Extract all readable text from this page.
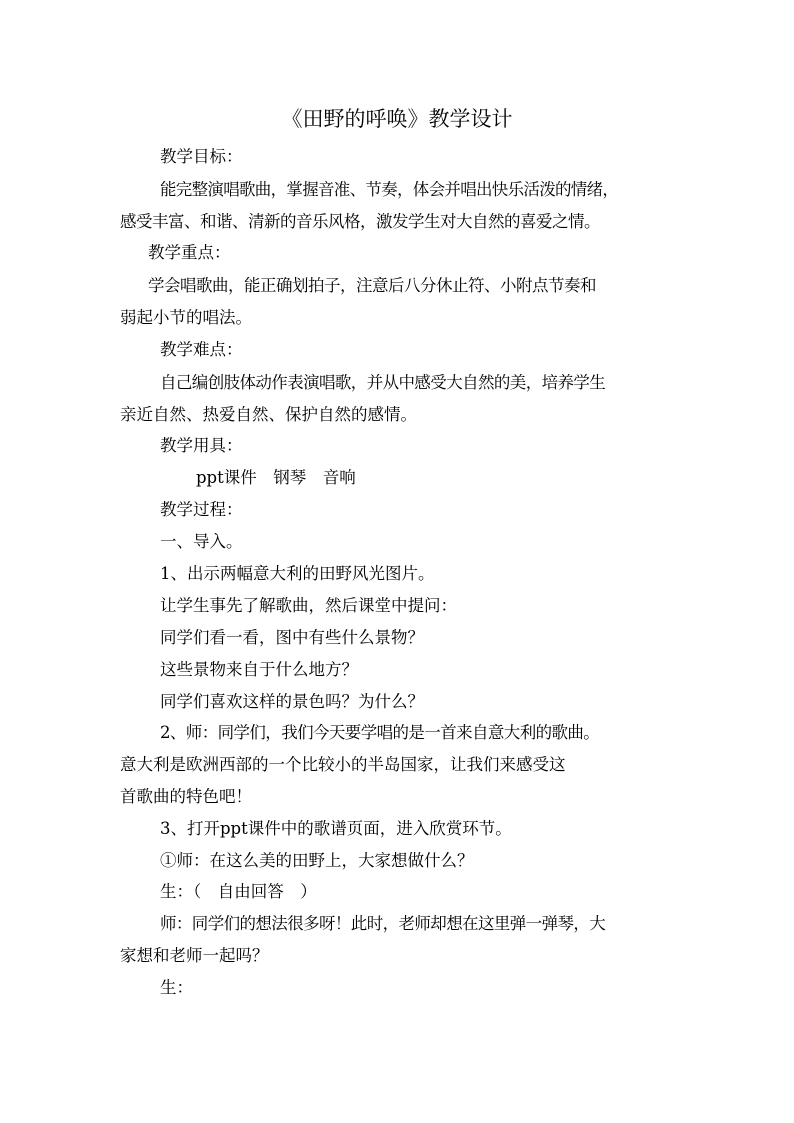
《田野的呼唤》教学设计
教学目标：
能完整演唱歌曲，掌握音准、节奏，体会并唱出快乐活泼的情绪，
感受丰富、和谐、清新的音乐风格，激发学生对大自然的喜爱之情。
教学重点：
学会唱歌曲，能正确划拍子，注意后八分休止符、小附点节奏和
弱起小节的唱法。
教学难点：
自己编创肢体动作表演唱歌，并从中感受大自然的美，培养学生
亲近自然、热爱自然、保护自然的感情。
教学用具：
ppt课件　钢琴　音响
教学过程：
一、导入。
1、出示两幅意大利的田野风光图片。
让学生事先了解歌曲，然后课堂中提问：
同学们看一看，图中有些什么景物？
这些景物来自于什么地方？
同学们喜欢这样的景色吗？为什么？
2、师：同学们，我们今天要学唱的是一首来自意大利的歌曲。
意大利是欧洲西部的一个比较小的半岛国家，让我们来感受这
首歌曲的特色吧！
3、打开ppt课件中的歌谱页面，进入欣赏环节。
①师：在这么美的田野上，大家想做什么？
生：（　自由回答　）
师：同学们的想法很多呀！此时，老师却想在这里弹一弹琴，大
家想和老师一起吗？
生：
